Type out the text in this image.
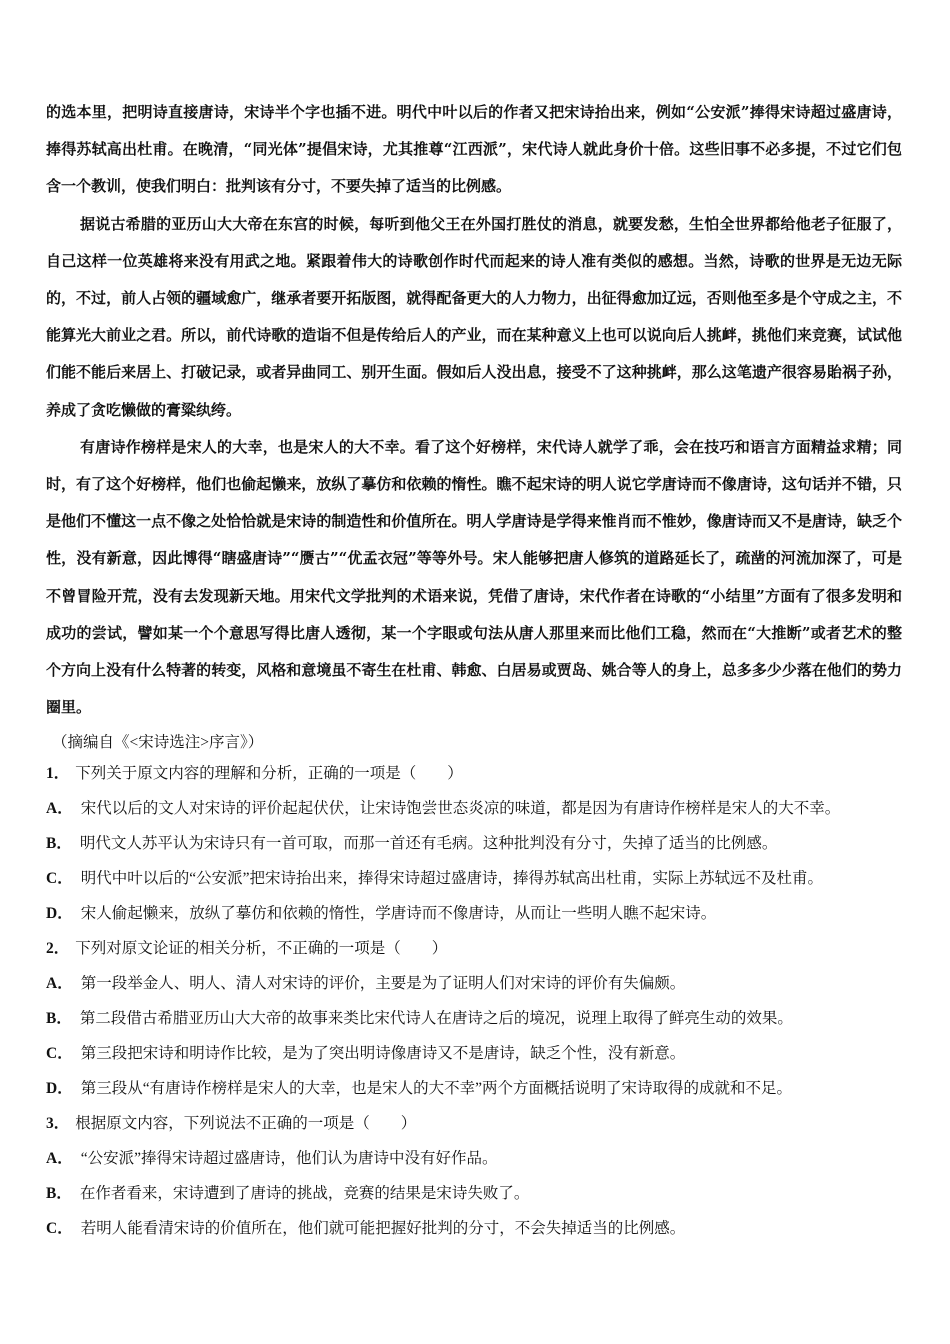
的选本里，把明诗直接唐诗，宋诗半个字也插不进。明代中叶以后的作者又把宋诗抬出来，例如“公安派”捧得宋诗超过盛唐诗，捧得苏轼高出杜甫。在晚清，“同光体”提倡宋诗，尤其推尊“江西派”，宋代诗人就此身价十倍。这些旧事不必多提，不过它们包含一个教训，使我们明白：批判该有分寸，不要失掉了适当的比例感。

据说古希腊的亚历山大大帝在东宫的时候，每听到他父王在外国打胜仗的消息，就要发愁，生怕全世界都给他老子征服了，自己这样一位英雄将来没有用武之地。紧跟着伟大的诗歌创作时代而起来的诗人准有类似的感想。当然，诗歌的世界是无边无际的，不过，前人占领的疆域愈广，继承者要开拓版图，就得配备更大的人力物力，出征得愈加辽远，否则他至多是个守成之主，不能算光大前业之君。所以，前代诗歌的造诣不但是传给后人的产业，而在某种意义上也可以说向后人挑衅，挑他们来竞赛，试试他们能不能后来居上、打破记录，或者异曲同工、别开生面。假如后人没出息，接受不了这种挑衅，那么这笔遗产很容易貽祸子孙，养成了贪吃懒做的膏粱纨绔。

有唐诗作榜样是宋人的大幸，也是宋人的大不幸。看了这个好榜样，宋代诗人就学了乖，会在技巧和语言方面精益求精；同时，有了这个好榜样，他们也偷起懒来，放纵了摹仿和依赖的惰性。瞧不起宋诗的明人说它学唐诗而不像唐诗，这句话并不错，只是他们不懂这一点不像之处恰恰就是宋诗的制造性和价值所在。明人学唐诗是学得来惟肖而不惟妙，像唐诗而又不是唐诗，缺乏个性，没有新意，因此博得“瞎盛唐诗”“赝古”“优孟衣冠”等等外号。宋人能够把唐人修筑的道路延长了，疏凿的河流加深了，可是不曾冒险开荒，没有去发现新天地。用宋代文学批判的术语来说，凭借了唐诗，宋代作者在诗歌的“小结里”方面有了很多发明和成功的尝试，譬如某一个个意思写得比唐人透彻，某一个字眼或句法从唐人那里来而比他们工稳，然而在“大推断”或者艺术的整个方向上没有什么特著的转变，风格和意境虽不寄生在杜甫、韩愈、白居易或贾岛、姚合等人的身上，总多多少少落在他们的势力圈里。

（摘编自《<宋诗选注>序言》）

1． 下列关于原文内容的理解和分析，正确的一项是（　　）
A． 宋代以后的文人对宋诗的评价起起伏伏，让宋诗饱尝世态炎凉的味道，都是因为有唐诗作榜样是宋人的大不幸。
B． 明代文人苏平认为宋诗只有一首可取，而那一首还有毛病。这种批判没有分寸，失掉了适当的比例感。
C． 明代中叶以后的“公安派”把宋诗抬出来，捧得宋诗超过盛唐诗，捧得苏轼高出杜甫，实际上苏轼远不及杜甫。
D． 宋人偷起懒来，放纵了摹仿和依赖的惰性，学唐诗而不像唐诗，从而让一些明人瞧不起宋诗。
2． 下列对原文论证的相关分析，不正确的一项是（　　）
A． 第一段举金人、明人、清人对宋诗的评价，主要是为了证明人们对宋诗的评价有失偏颇。
B． 第二段借古希腊亚历山大大帝的故事来类比宋代诗人在唐诗之后的境况，说理上取得了鲜亮生动的效果。
C． 第三段把宋诗和明诗作比较，是为了突出明诗像唐诗又不是唐诗，缺乏个性，没有新意。
D． 第三段从“有唐诗作榜样是宋人的大幸，也是宋人的大不幸”两个方面概括说明了宋诗取得的成就和不足。
3． 根据原文内容，下列说法不正确的一项是（　　）
A． “公安派”捧得宋诗超过盛唐诗，他们认为唐诗中没有好作品。
B． 在作者看来，宋诗遭到了唐诗的挑战，竞赛的结果是宋诗失败了。
C． 若明人能看清宋诗的价值所在，他们就可能把握好批判的分寸，不会失掉适当的比例感。
